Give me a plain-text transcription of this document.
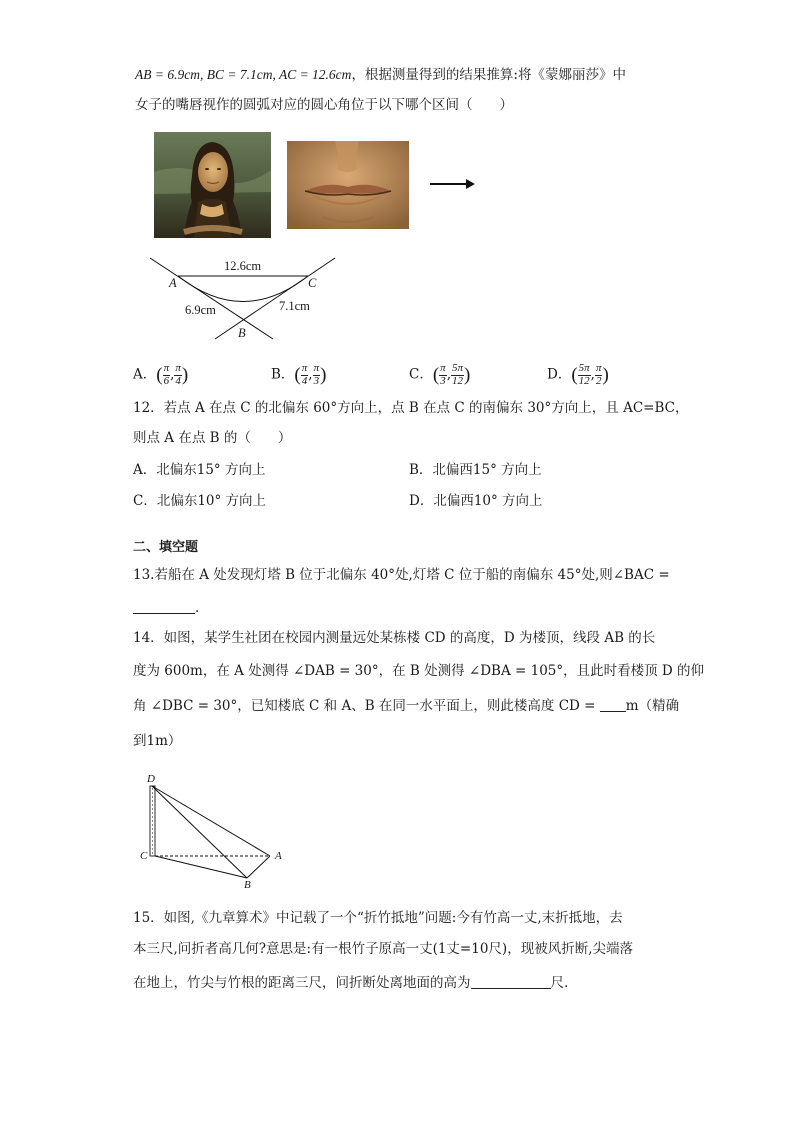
AB = 6.9cm, BC = 7.1cm, AC = 12.6cm，根据测量得到的结果推算:将《蒙娜丽莎》中
女子的嘴唇视作的圆弧对应的圆心角位于以下哪个区间（　　）
12.6cm
A	C
6.9cm	7.1cm
B
A．( $\frac{\pi}{6}$ , $\frac{\pi}{4}$ )	B．( $\frac{\pi}{4}$ , $\frac{\pi}{3}$ )	C．( $\frac{\pi}{3}$ , $\frac{5\pi}{12}$ )	D．( $\frac{5\pi}{12}$ , $\frac{\pi}{2}$ )
12．若点 A 在点 C 的北偏东 60°方向上，点 B 在点 C 的南偏东 30°方向上，且 AC=BC，
则点 A 在点 B 的（　　）
A．北偏东15° 方向上	B．北偏西15° 方向上
C．北偏东10° 方向上	D．北偏西10° 方向上
二、填空题
13.若船在 A 处发现灯塔 B 位于北偏东 40°处,灯塔 C 位于船的南偏东 45°处,则∠BAC =
.
14．如图，某学生社团在校园内测量远处某栋楼 CD 的高度，D 为楼顶，线段 AB 的长
度为 600m，在 A 处测得 ∠DAB = 30°，在 B 处测得 ∠DBA = 105°，且此时看楼顶 D 的仰
角 ∠DBC = 30°，已知楼底 C 和 A、B 在同一水平面上，则此楼高度 CD = m（精确
到1m）
D
C	A
B
15．如图,《九章算术》中记载了一个“折竹抵地”问题:今有竹高一丈,末折抵地，去
本三尺,问折者高几何?意思是:有一根竹子原高一丈(1丈=10尺)，现被风折断,尖端落
在地上，竹尖与竹根的距离三尺，问折断处离地面的高为	尺.
